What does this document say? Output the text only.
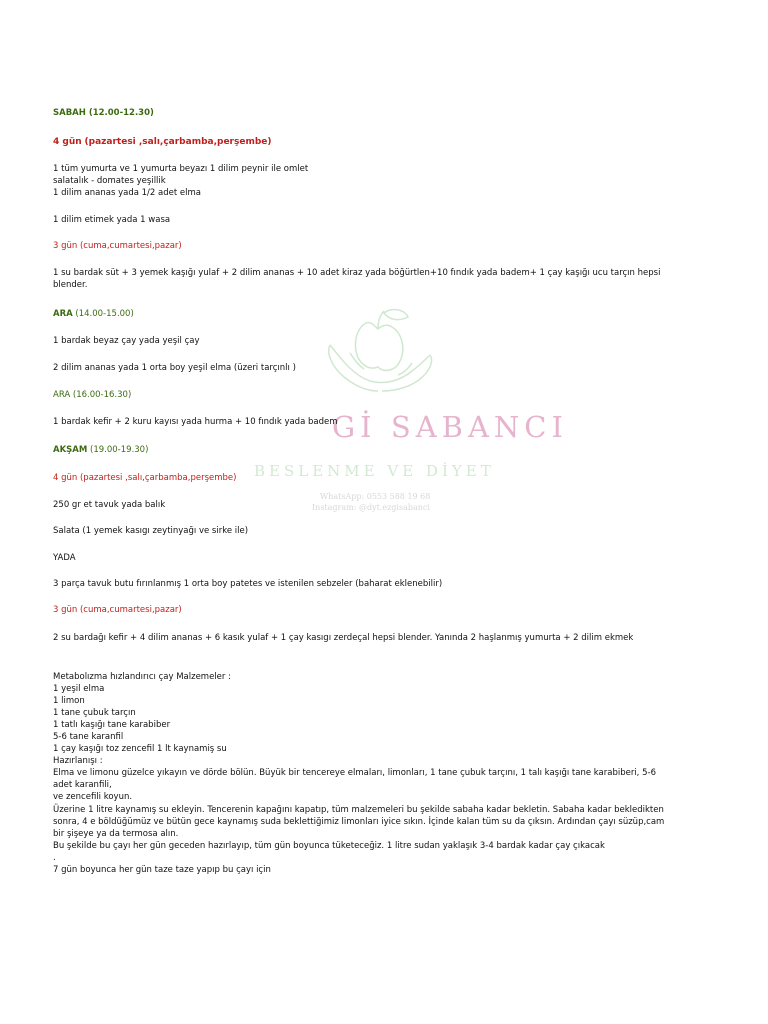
Gİ SABANCI
BESLENME VE DİYET
WhatsApp: 0553 588 19 68
Instagram: @dyt.ezgisabanci
SABAH (12.00-12.30)
4 gün (pazartesi ,salı,çarbamba,perşembe)
1 tüm yumurta ve 1 yumurta beyazı 1 dilim peynir ile omlet
salatalık - domates yeşillik
1 dilim ananas yada 1/2 adet elma
1 dilim etimek yada 1 wasa
3 gün (cuma,cumartesi,pazar)
1 su bardak süt + 3 yemek kaşığı yulaf + 2 dilim ananas + 10 adet kiraz yada böğürtlen+10 fındık yada badem+ 1 çay kaşığı ucu tarçın hepsi
blender.
ARA (14.00-15.00)
1 bardak beyaz çay yada yeşil çay
2 dilim ananas yada 1 orta boy yeşil elma (üzeri tarçınlı )
ARA (16.00-16.30)
1 bardak kefir + 2 kuru kayısı yada hurma + 10 fındık yada badem
AKŞAM (19.00-19.30)
4 gün (pazartesi ,salı,çarbamba,perşembe)
250 gr et tavuk yada balık
Salata (1 yemek kasıgı zeytinyağı ve sirke ile)
YADA
3 parça tavuk butu fırınlanmış 1 orta boy patetes ve istenilen sebzeler (baharat eklenebilir)
3 gün (cuma,cumartesi,pazar)
2 su bardağı kefir + 4 dilim ananas + 6 kasık yulaf + 1 çay kasıgı zerdeçal hepsi blender. Yanında 2 haşlanmış yumurta + 2 dilim ekmek
Metabolızma hızlandırıcı çay Malzemeler :
1 yeşil elma
1 limon
1 tane çubuk tarçın
1 tatlı kaşığı tane karabiber
5-6 tane karanfil
1 çay kaşığı toz zencefil 1 lt kaynamiş su
Hazırlanışı :
Elma ve limonu güzelce yıkayın ve dörde bölün. Büyük bir tencereye elmaları, limonları, 1 tane çubuk tarçını, 1 talı kaşığı tane karabiberi, 5-6
adet karanfili,
ve zencefili koyun.
Üzerine 1 litre kaynamış su ekleyin. Tencerenin kapağını kapatıp, tüm malzemeleri bu şekilde sabaha kadar bekletin. Sabaha kadar bekledikten
sonra, 4 e böldüğümüz ve bütün gece kaynamış suda beklettiğimiz limonları iyice sıkın. İçinde kalan tüm su da çıksın. Ardından çayı süzüp,cam
bir şişeye ya da termosa alın.
Bu şekilde bu çayı her gün geceden hazırlayıp, tüm gün boyunca tüketeceğiz. 1 litre sudan yaklaşık 3-4 bardak kadar çay çıkacak
.
7 gün boyunca her gün taze taze yapıp bu çayı için
